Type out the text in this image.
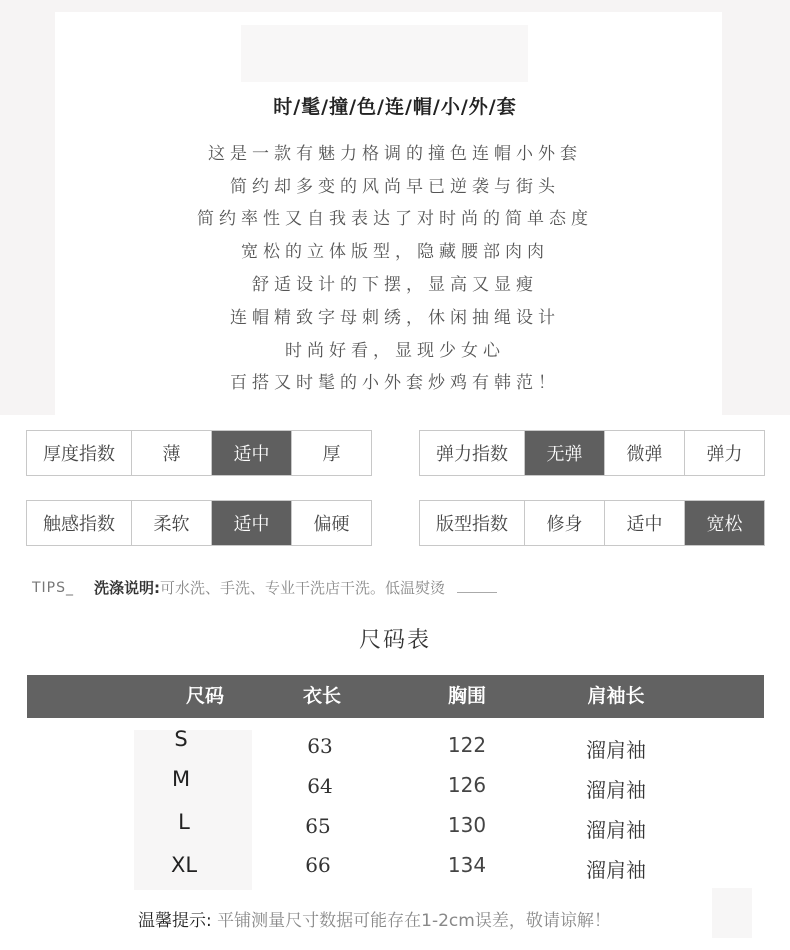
时/髦/撞/色/连/帽/小/外/套
这是一款有魅力格调的撞色连帽小外套
简约却多变的风尚早已逆袭与街头
简约率性又自我表达了对时尚的简单态度
宽松的立体版型，隐藏腰部肉肉
舒适设计的下摆，显高又显瘦
连帽精致字母刺绣，休闲抽绳设计
时尚好看，显现少女心
百搭又时髦的小外套炒鸡有韩范！
厚度指数	薄	适中	厚	弹力指数	无弹	微弹	弹力
触感指数	柔软	适中	偏硬	版型指数	修身	适中	宽松
TIPS_ 洗涤说明: 可水洗、手洗、专业干洗店干洗。低温熨烫
尺码表
尺码	衣长	胸围	肩袖长
S	63	122	溜肩袖
M	64	126	溜肩袖
L	65	130	溜肩袖
XL	66	134	溜肩袖
温馨提示: 平铺测量尺寸数据可能存在1-2cm误差，敬请谅解！
